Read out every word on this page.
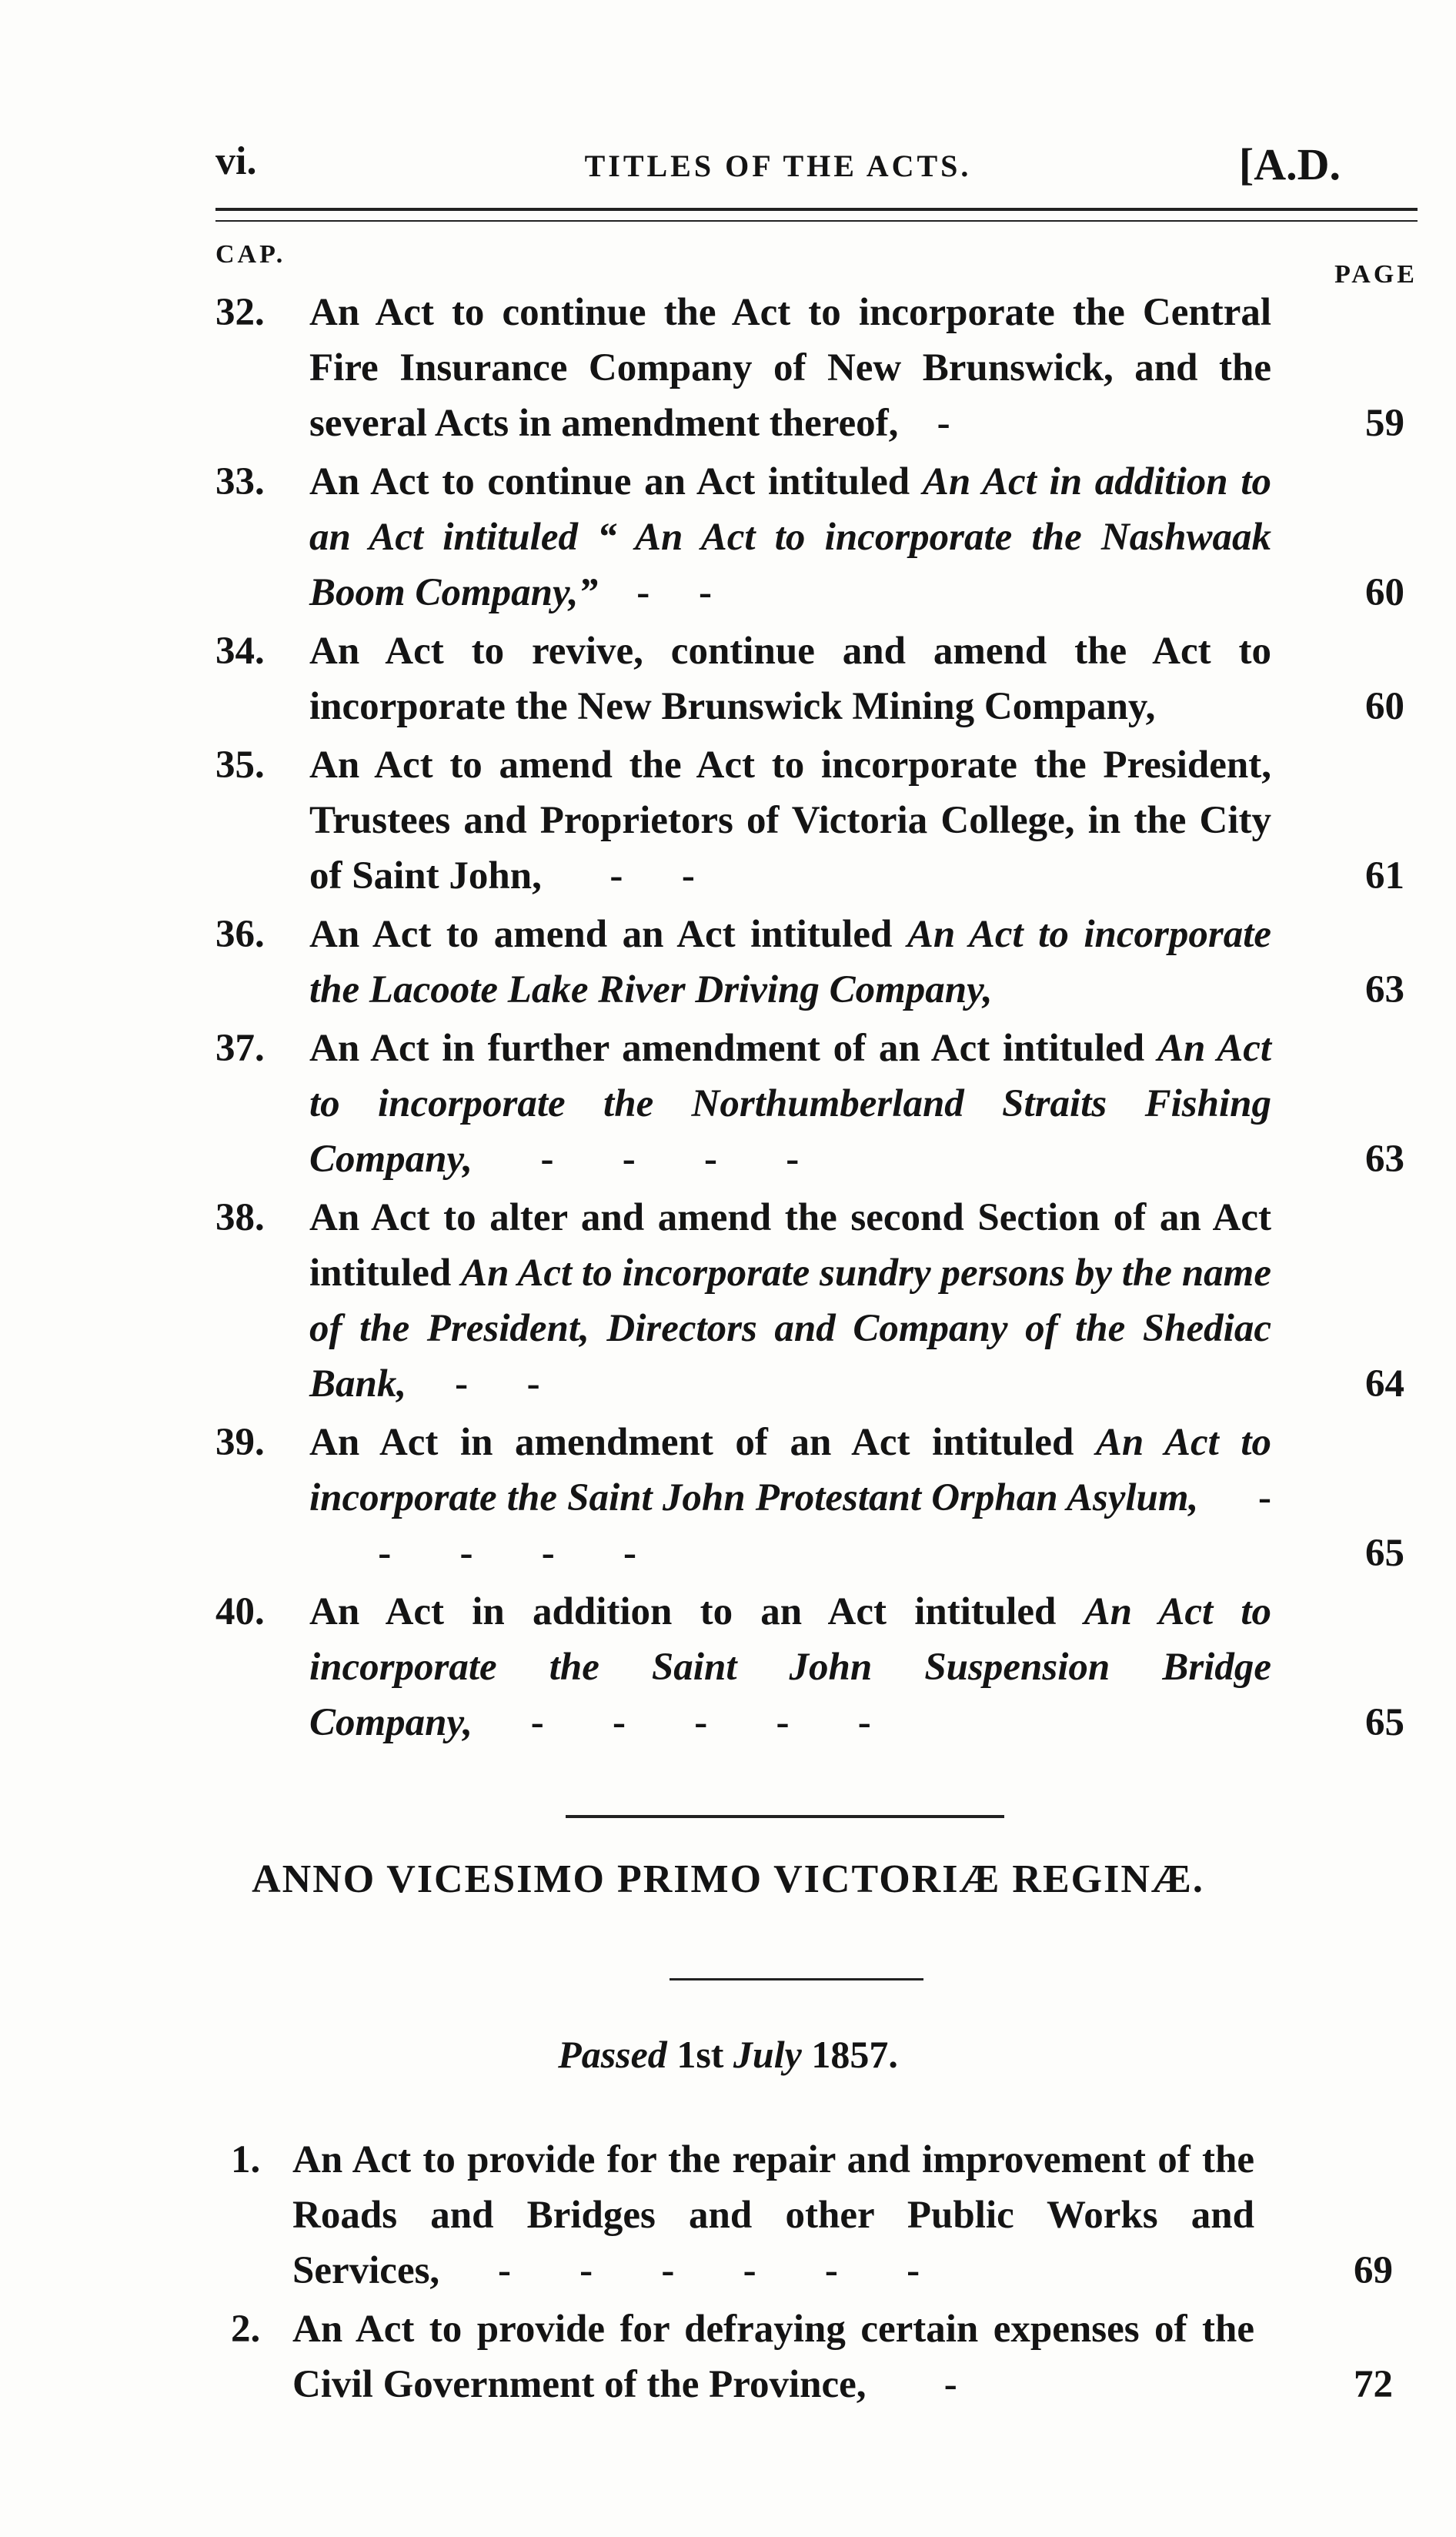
vi.	TITLES OF THE ACTS.	[A.D.
CAP.
PAGE
32. An Act to continue the Act to incorporate the Central Fire Insurance Company of New Brunswick, and the several Acts in amendment thereof,   -	59
33. An Act to continue an Act intituled An Act in addition to an Act intituled “ An Act to incorporate the Nashwaak Boom Company,”   -     -	60
34. An Act to revive, continue and amend the Act to incorporate the New Brunswick Mining Company,	60
35. An Act to amend the Act to incorporate the President, Trustees and Proprietors of Victoria College, in the City of Saint John,      -      -	61
36. An Act to amend an Act intituled An Act to incorporate the Lacoote Lake River Driving Company,	63
37. An Act in further amendment of an Act intituled An Act to incorporate the Northumberland Straits Fishing Company,      -       -       -       -	63
38. An Act to alter and amend the second Section of an Act intituled An Act to incorporate sundry persons by the name of the President, Directors and Company of the Shediac Bank,    -      -	64
39. An Act in amendment of an Act intituled An Act to incorporate the Saint John Protestant Orphan Asylum,     -       -       -       -       -	65
40. An Act in addition to an Act intituled An Act to incorporate the Saint John Suspension Bridge Company,     -       -       -       -       -	65
ANNO VICESIMO PRIMO VICTORIÆ REGINÆ.
Passed 1st July 1857.
1. An Act to provide for the repair and improvement of the Roads and Bridges and other Public Works and Services,     -       -       -       -       -       -	69
2. An Act to provide for defraying certain expenses of the Civil Government of the Province,       -	72
